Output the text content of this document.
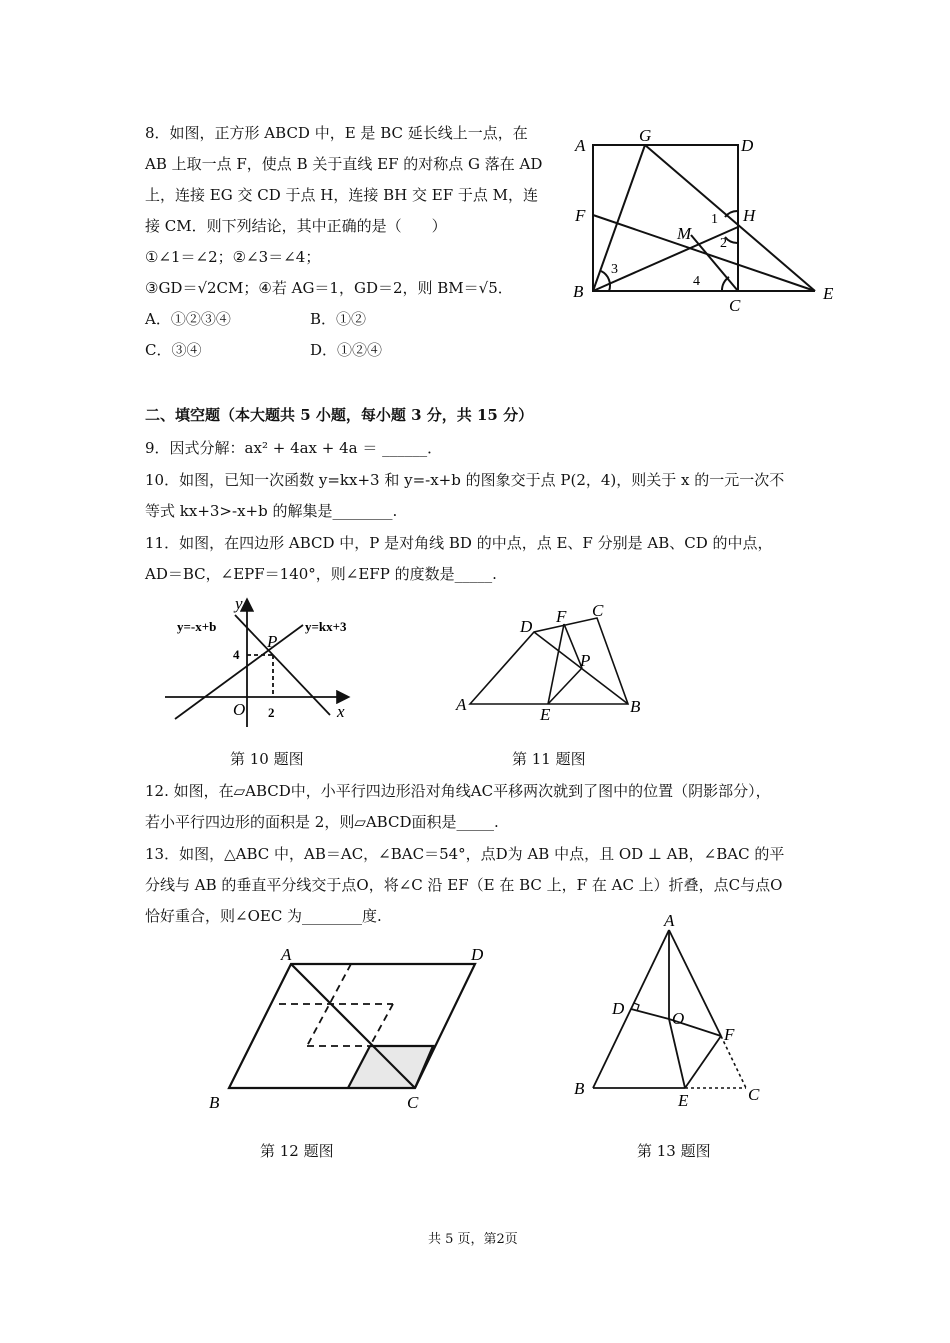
8．如图，正方形 ABCD 中，E 是 BC 延长线上一点，在
AB 上取一点 F，使点 B 关于直线 EF 的对称点 G 落在 AD
上，连接 EG 交 CD 于点 H，连接 BH 交 EF 于点 M，连
接 CM．则下列结论，其中正确的是（　　）
①∠1＝∠2；②∠3＝∠4；
③GD＝√2CM；④若 AG＝1，GD＝2，则 BM＝√5．
A．①②③④	B．①②
C．③④	D．①②④
A
G
D
F	H
M
B
C
E
1
2
3
4
二、填空题（本大题共 5 小题，每小题 3 分，共 15 分）
9．因式分解：ax² + 4ax + 4a ＝ ______．
10．如图，已知一次函数 y=kx+3 和 y=-x+b 的图象交于点 P(2，4)，则关于 x 的一元一次不
等式 kx+3>-x+b 的解集是________.
11．如图，在四边形 ABCD 中，P 是对角线 BD 的中点，点 E、F 分别是 AB、CD 的中点，
AD＝BC，∠EPF＝140°，则∠EFP 的度数是_____.
y=-x+b	y=kx+3
y
x
P
4
O 2
D
F C
P
A
E	B
第 10 题图	第 11 题图
12. 如图，在▱ABCD中，小平行四边形沿对角线AC平移两次就到了图中的位置（阴影部分），
若小平行四边形的面积是 2，则▱ABCD面积是_____.
13．如图，△ABC 中，AB＝AC，∠BAC＝54°，点D为 AB 中点，且 OD ⊥ AB，∠BAC 的平
分线与 AB 的垂直平分线交于点O，将∠C 沿 EF（E 在 BC 上，F 在 AC 上）折叠，点C与点O
恰好重合，则∠OEC 为________度.
A	D
B	C
A
D
O
F
B
E	C
第 12 题图	第 13 题图
共 5 页，第2页
